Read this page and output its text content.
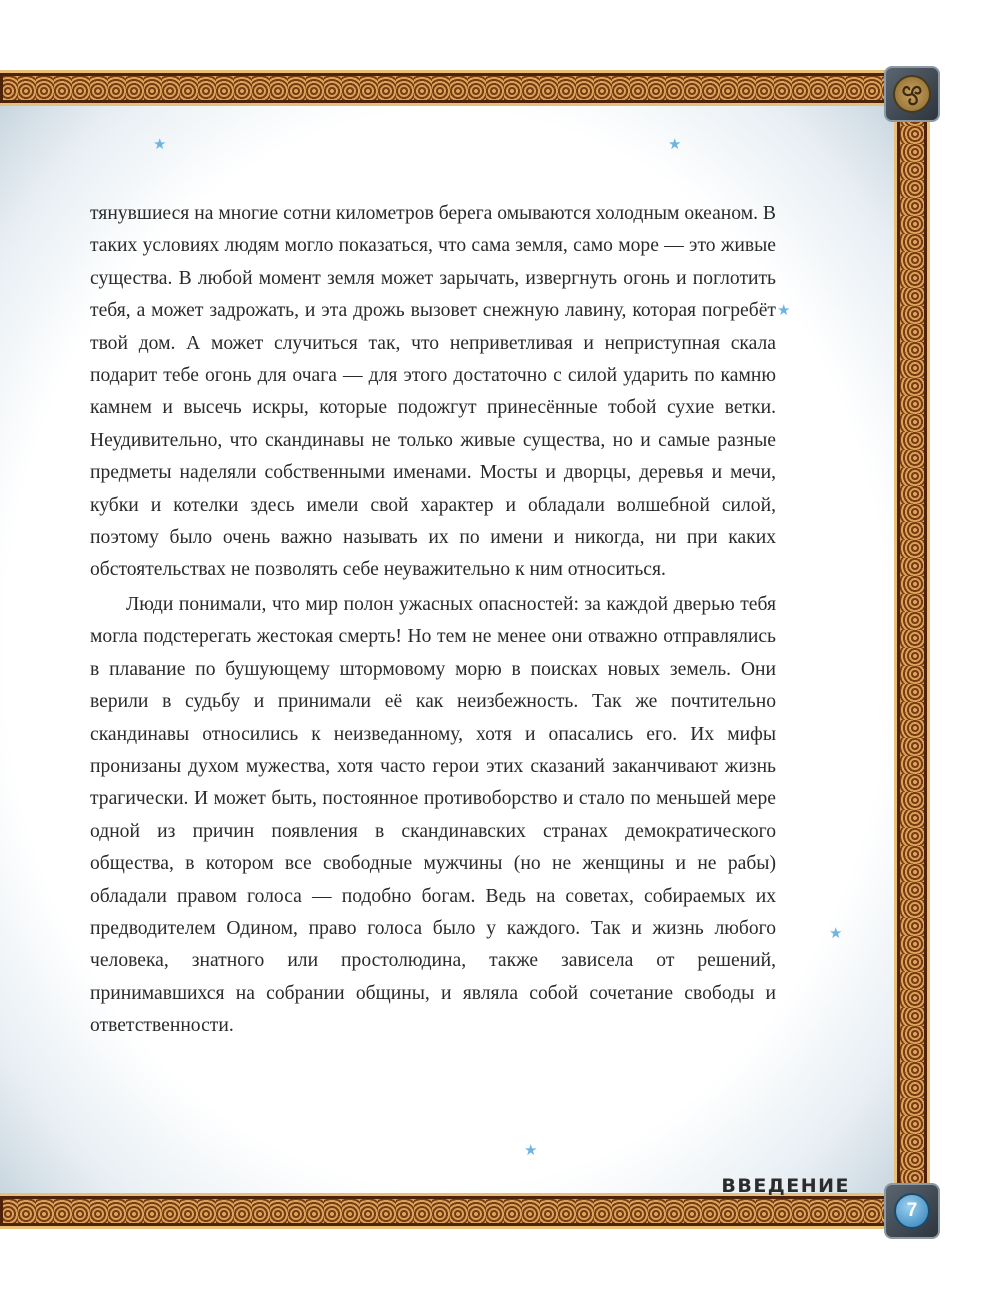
★	★
★
★
★

тянувшиеся на многие сотни километров берега омываются холодным океаном. В таких условиях людям могло показаться, что сама земля, само море — это живые существа. В любой момент земля может зарычать, извергнуть огонь и поглотить тебя, а может задрожать, и эта дрожь вызовет снежную лавину, которая погребёт твой дом. А может случиться так, что неприветливая и неприступная скала подарит тебе огонь для очага — для этого достаточно с силой ударить по камню камнем и высечь искры, которые подожгут принесённые тобой сухие ветки. Неудивительно, что скандинавы не только живые существа, но и самые разные предметы наделяли собственными именами. Мосты и дворцы, деревья и мечи, кубки и котелки здесь имели свой характер и обладали волшебной силой, поэтому было очень важно называть их по имени и никогда, ни при каких обстоятельствах не позволять себе неуважительно к ним относиться.

Люди понимали, что мир полон ужасных опасностей: за каждой дверью тебя могла подстерегать жестокая смерть! Но тем не менее они отважно отправлялись в плавание по бушующему штормовому морю в поисках новых земель. Они верили в судьбу и принимали её как неизбежность. Так же почтительно скандинавы относились к неизведанному, хотя и опасались его. Их мифы пронизаны духом мужества, хотя часто герои этих сказаний заканчивают жизнь трагически. И может быть, постоянное противоборство и стало по меньшей мере одной из причин появления в скандинавских странах демократического общества, в котором все свободные мужчины (но не женщины и не рабы) обладали правом голоса — подобно богам. Ведь на советах, собираемых их предводителем Одином, право голоса было у каждого. Так и жизнь любого человека, знатного или простолюдина, также зависела от решений, принимавшихся на собрании общины, и являла собой сочетание свободы и ответственности.

ВВЕДЕНИЕ
7
